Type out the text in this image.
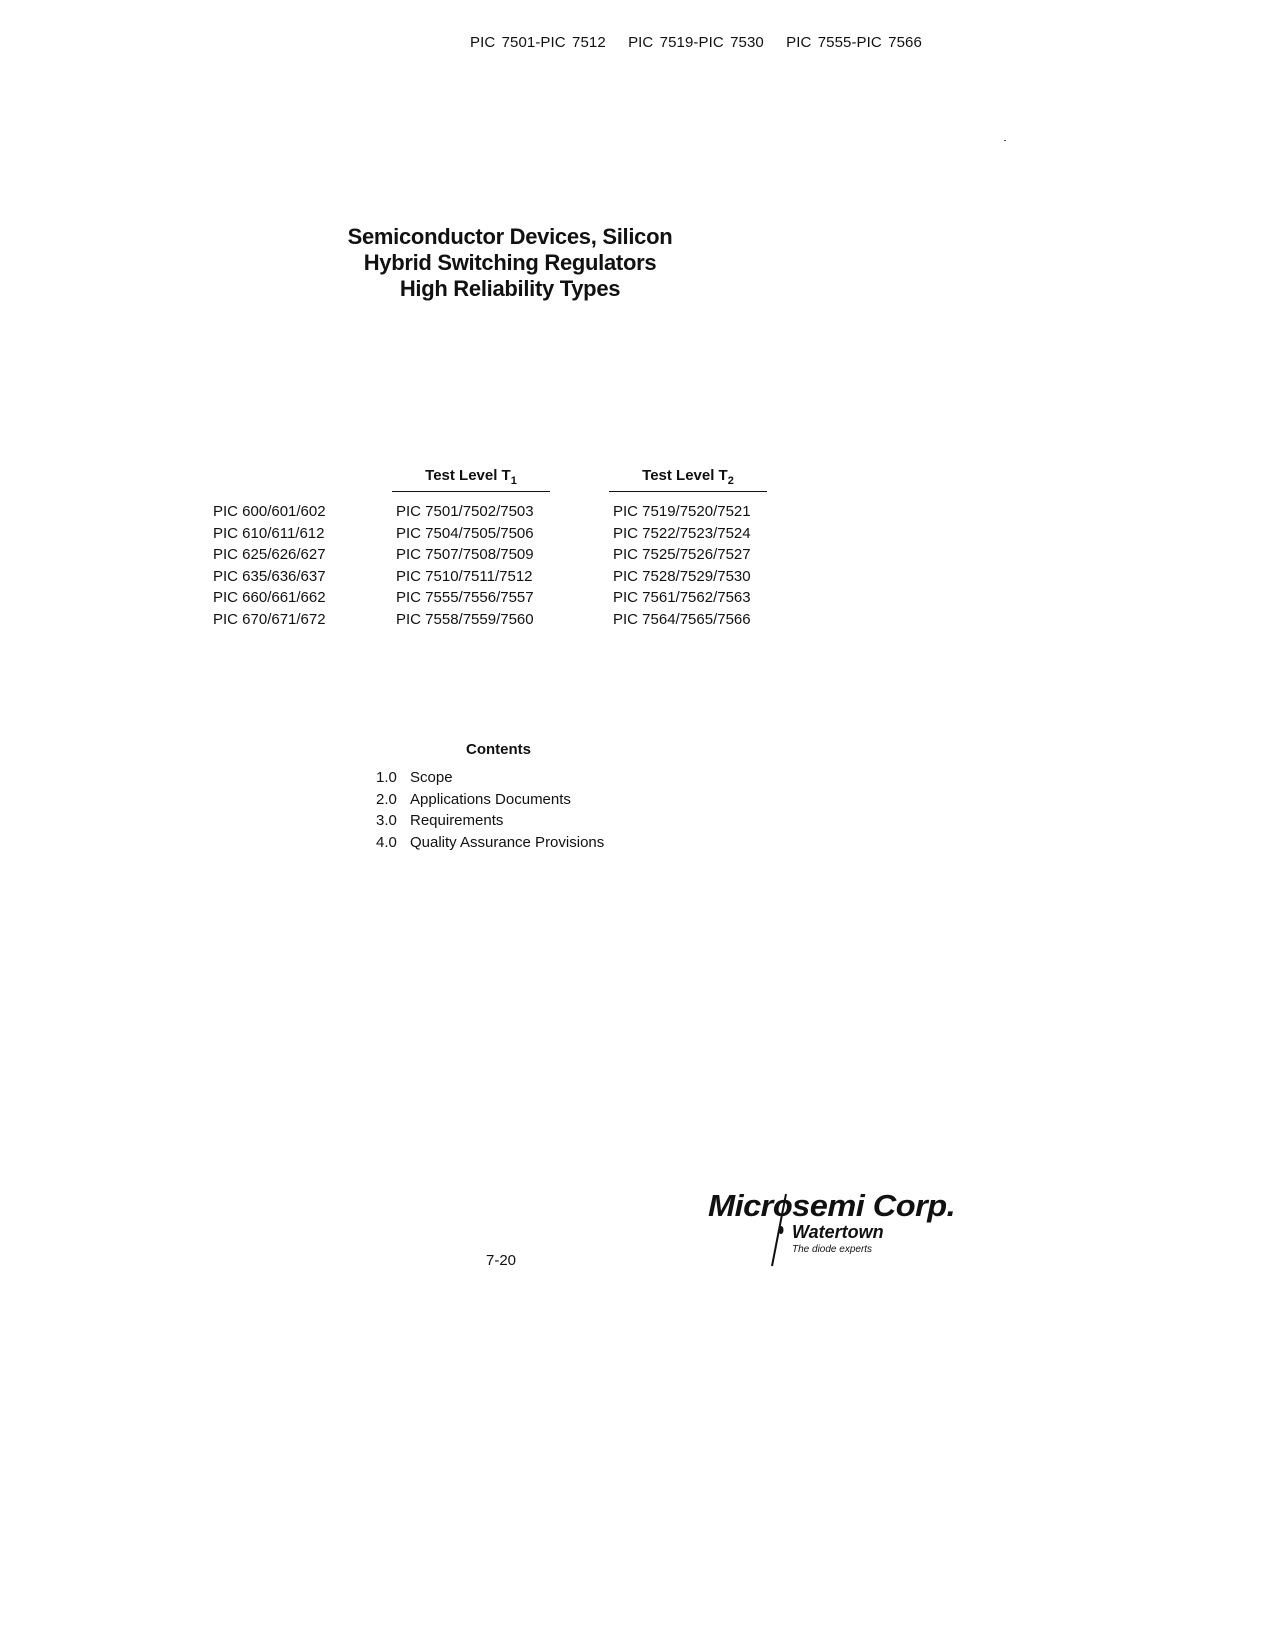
PIC 7501-PIC 7512 PIC 7519-PIC 7530 PIC 7555-PIC 7566
Semiconductor Devices, Silicon
Hybrid Switching Regulators
High Reliability Types
Test Level $T_1$	Test Level $T_2$
PIC 600/601/602
PIC 610/611/612
PIC 625/626/627
PIC 635/636/637
PIC 660/661/662
PIC 670/671/672
PIC 7501/7502/7503
PIC 7504/7505/7506
PIC 7507/7508/7509
PIC 7510/7511/7512
PIC 7555/7556/7557
PIC 7558/7559/7560
PIC 7519/7520/7521
PIC 7522/7523/7524
PIC 7525/7526/7527
PIC 7528/7529/7530
PIC 7561/7562/7563
PIC 7564/7565/7566
Contents
1.0 Scope
2.0 Applications Documents
3.0 Requirements
4.0 Quality Assurance Provisions
7-20
Microsemi Corp.
Watertown
The diode experts
